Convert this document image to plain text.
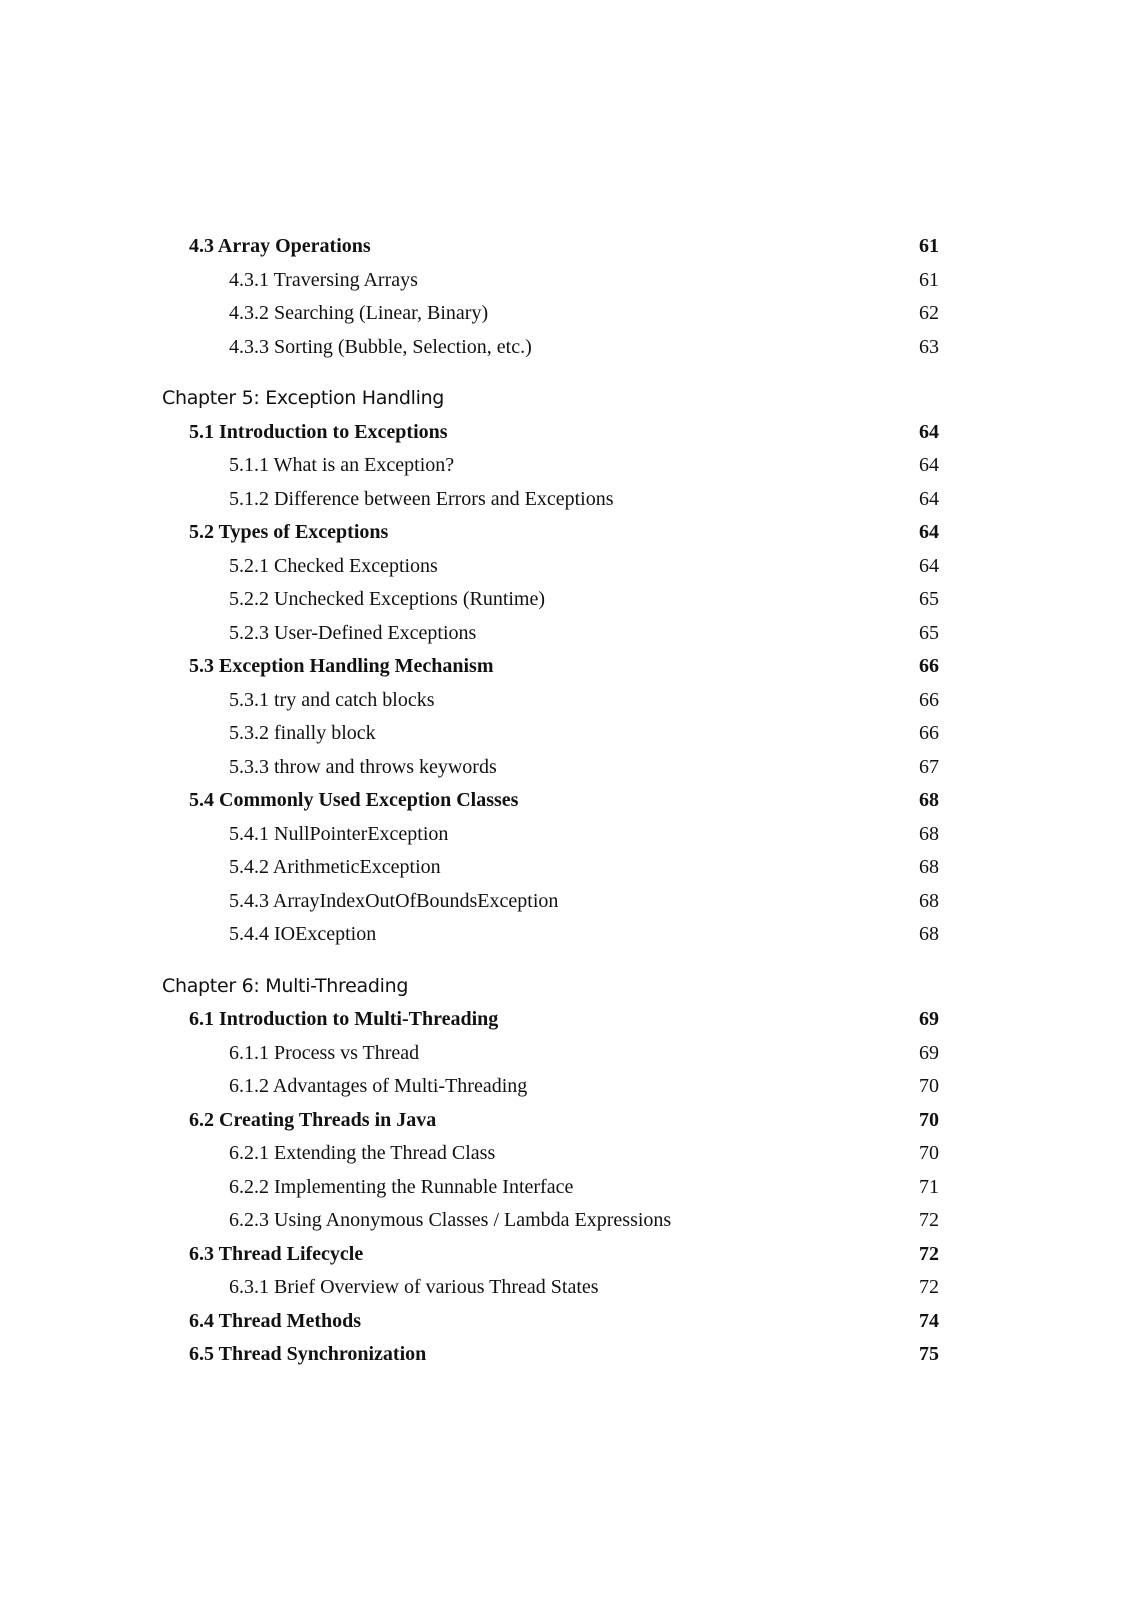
4.3 Array Operations	61
4.3.1 Traversing Arrays	61
4.3.2 Searching (Linear, Binary)	62
4.3.3 Sorting (Bubble, Selection, etc.)	63
Chapter 5: Exception Handling
5.1 Introduction to Exceptions	64
5.1.1 What is an Exception?	64
5.1.2 Difference between Errors and Exceptions	64
5.2 Types of Exceptions	64
5.2.1 Checked Exceptions	64
5.2.2 Unchecked Exceptions (Runtime)	65
5.2.3 User-Defined Exceptions	65
5.3 Exception Handling Mechanism	66
5.3.1 try and catch blocks	66
5.3.2 finally block	66
5.3.3 throw and throws keywords	67
5.4 Commonly Used Exception Classes	68
5.4.1 NullPointerException	68
5.4.2 ArithmeticException	68
5.4.3 ArrayIndexOutOfBoundsException	68
5.4.4 IOException	68
Chapter 6: Multi-Threading
6.1 Introduction to Multi-Threading	69
6.1.1 Process vs Thread	69
6.1.2 Advantages of Multi-Threading	70
6.2 Creating Threads in Java	70
6.2.1 Extending the Thread Class	70
6.2.2 Implementing the Runnable Interface	71
6.2.3 Using Anonymous Classes / Lambda Expressions	72
6.3 Thread Lifecycle	72
6.3.1 Brief Overview of various Thread States	72
6.4 Thread Methods	74
6.5 Thread Synchronization	75
